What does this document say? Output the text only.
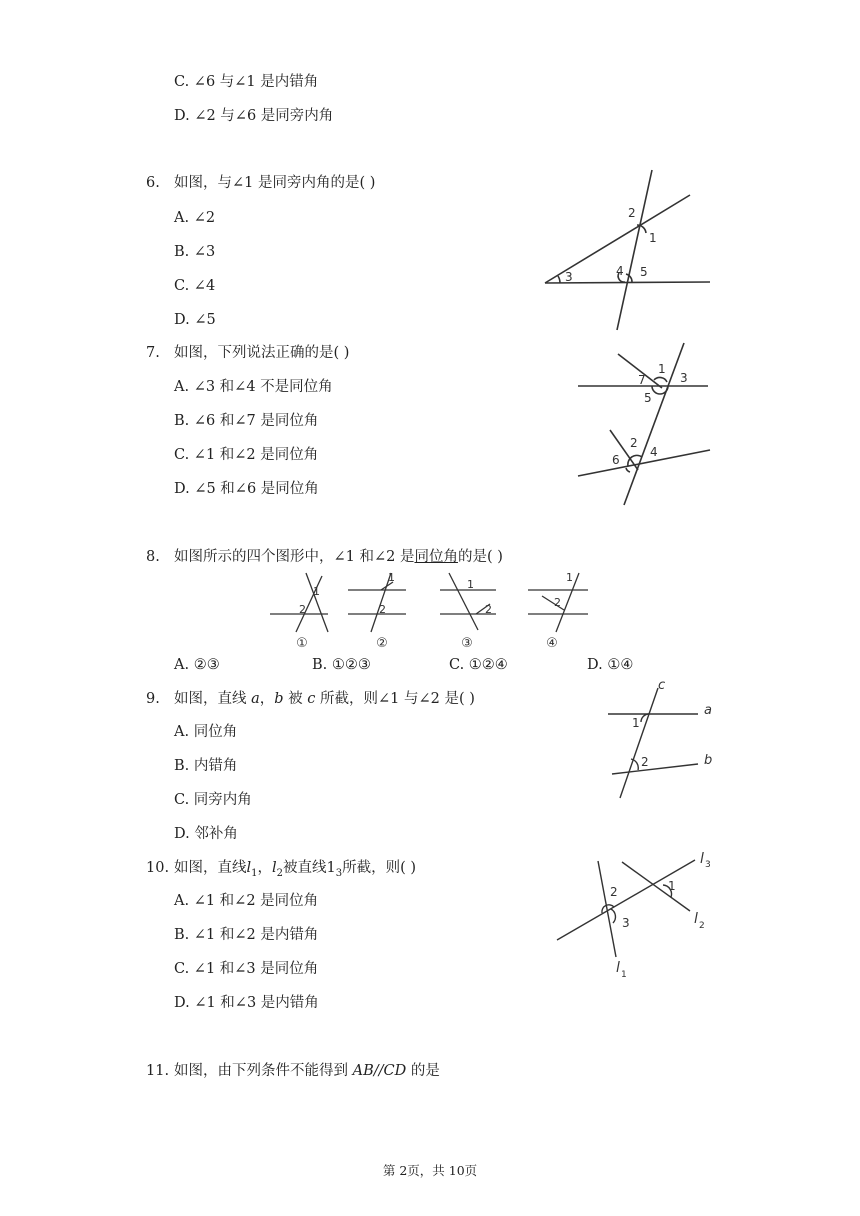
C. ∠6 与∠1 是内错角
D. ∠2 与∠6 是同旁内角
6. 如图，与∠1 是同旁内角的是( )
A. ∠2
B. ∠3
C. ∠4
D. ∠5
1
2
3	4 5
7. 如图，下列说法正确的是( )
A. ∠3 和∠4 不是同位角
B. ∠6 和∠7 是同位角
C. ∠1 和∠2 是同位角
D. ∠5 和∠6 是同位角
1
2
3
4
5
6
7
8. 如图所示的四个图形中，∠1 和∠2 是同位角的是( )
1
2
1
2
1
2
1
2
①	②	③	④
A. ②③	B. ①②③	C. ①②④	D. ①④
9. 如图，直线 a，b 被 c 所截，则∠1 与∠2 是( )
A. 同位角
B. 内错角
C. 同旁内角
D. 邻补角
c
a
b
1
2
10. 如图，直线$l_1$，$l_2$被直线$1_3$所截，则( )
A. ∠1 和∠2 是同位角
B. ∠1 和∠2 是内错角
C. ∠1 和∠3 是同位角
D. ∠1 和∠3 是内错角
1
2
3
l 3
l 2
l 1
11. 如图，由下列条件不能得到 AB//CD 的是
第 2页，共 10页
